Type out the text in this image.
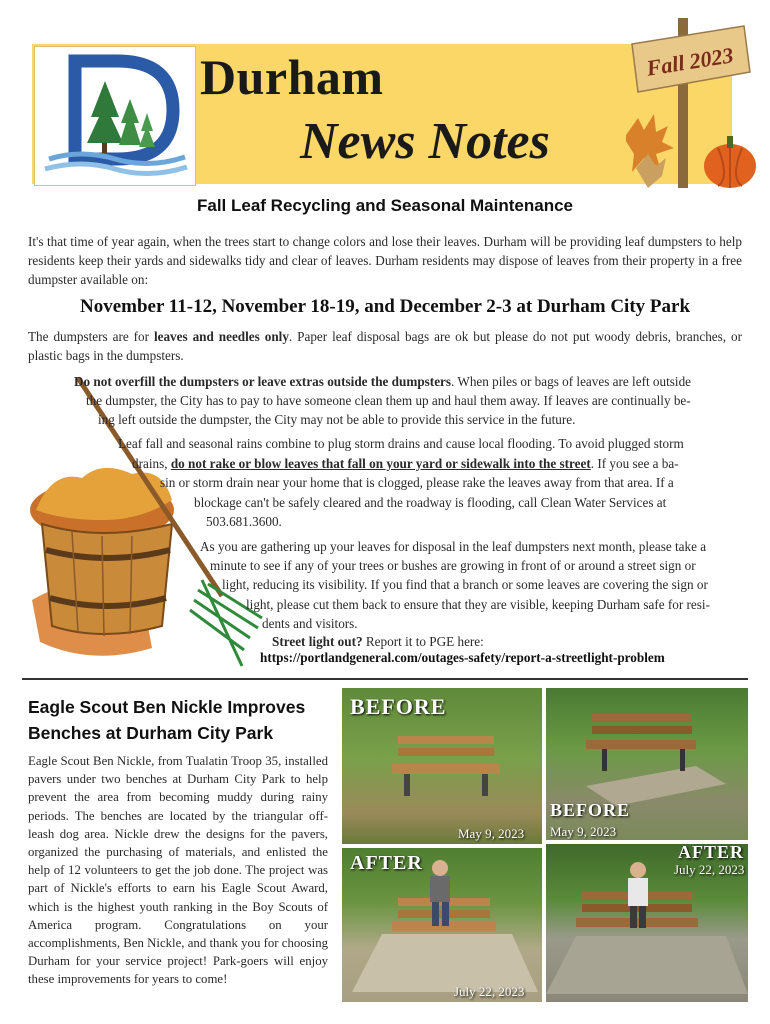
Durham
News Notes
Fall 2023
Fall Leaf Recycling and Seasonal Maintenance

It's that time of year again, when the trees start to change colors and lose their leaves. Durham will be providing leaf dumpsters to help residents keep their yards and sidewalks tidy and clear of leaves. Durham residents may dispose of leaves from their property in a free dumpster available on:

November 11-12, November 18-19, and December 2-3 at Durham City Park

The dumpsters are for leaves and needles only. Paper leaf disposal bags are ok but please do not put woody debris, branches, or plastic bags in the dumpsters.

Do not overfill the dumpsters or leave extras outside the dumpsters. When piles or bags of leaves are left outside

the dumpster, the City has to pay to have someone clean them up and haul them away. If leaves are continually be-

ing left outside the dumpster, the City may not be able to provide this service in the future.

Leaf fall and seasonal rains combine to plug storm drains and cause local flooding. To avoid plugged storm

drains, do not rake or blow leaves that fall on your yard or sidewalk into the street. If you see a ba-

sin or storm drain near your home that is clogged, please rake the leaves away from that area. If a

blockage can't be safely cleared and the roadway is flooding, call Clean Water Services at

503.681.3600.

As you are gathering up your leaves for disposal in the leaf dumpsters next month, please take a

minute to see if any of your trees or bushes are growing in front of or around a street sign or

light, reducing its visibility. If you find that a branch or some leaves are covering the sign or

light, please cut them back to ensure that they are visible, keeping Durham safe for resi-

dents and visitors.

Street light out? Report it to PGE here:

https://portlandgeneral.com/outages-safety/report-a-streetlight-problem
Eagle Scout Ben Nickle Improves Benches at Durham City Park

Eagle Scout Ben Nickle, from Tualatin Troop 35, installed pavers under two benches at Durham City Park to help prevent the area from becoming muddy during rainy periods. The benches are located by the triangular off-leash dog area. Nickle drew the designs for the pavers, organized the purchasing of materials, and enlisted the help of 12 volunteers to get the job done. The project was part of Nickle's efforts to earn his Eagle Scout Award, which is the highest youth ranking in the Boy Scouts of America program. Congratulations on your accomplishments, Ben Nickle, and thank you for choosing Durham for your service project! Park-goers will enjoy these improvements for years to come!

BEFORE
May 9, 2023
BEFORE
May 9, 2023
AFTER
July 22, 2023
AFTER
July 22, 2023
